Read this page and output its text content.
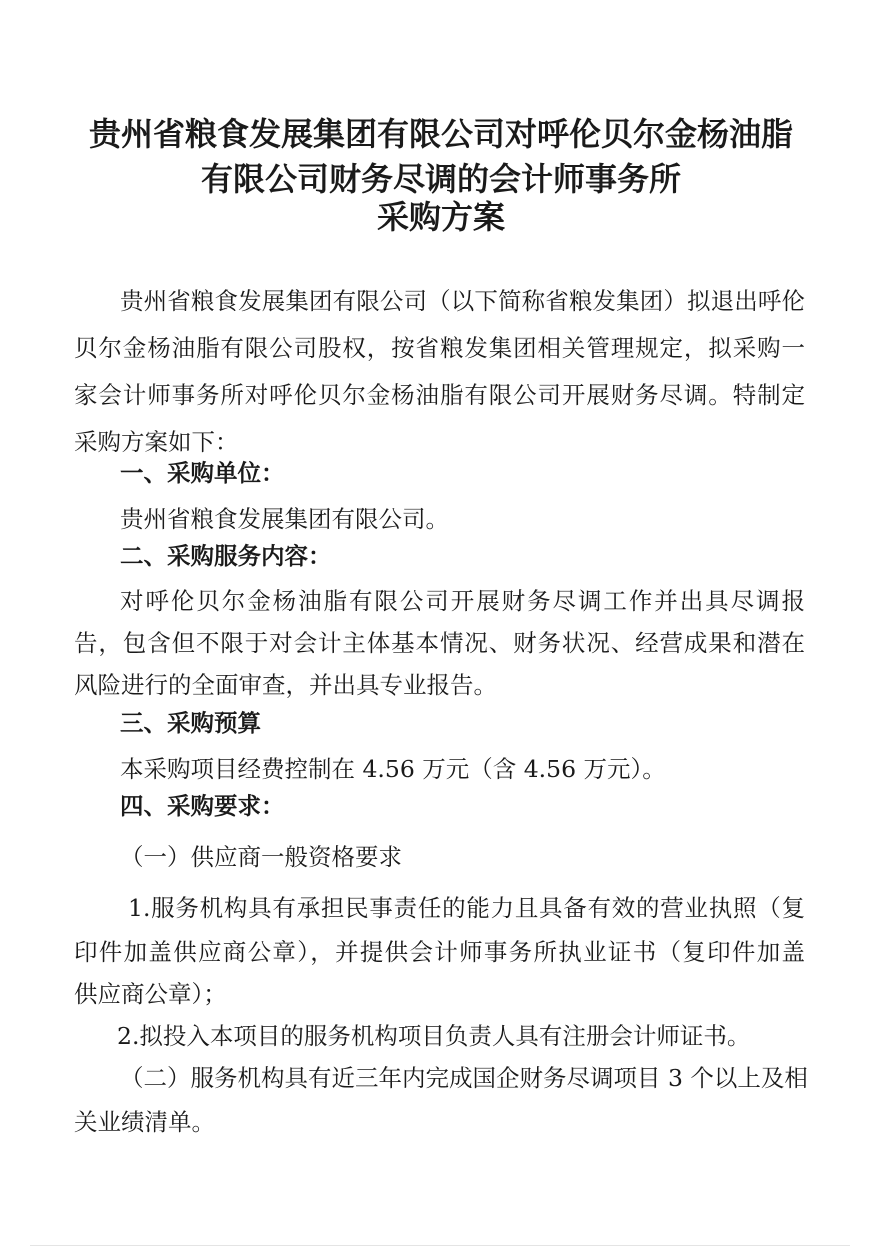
贵州省粮食发展集团有限公司对呼伦贝尔金杨油脂
有限公司财务尽调的会计师事务所
采购方案
贵州省粮食发展集团有限公司（以下简称省粮发集团）拟退出呼伦
贝尔金杨油脂有限公司股权，按省粮发集团相关管理规定，拟采购一
家会计师事务所对呼伦贝尔金杨油脂有限公司开展财务尽调。特制定
采购方案如下：
一、采购单位：
贵州省粮食发展集团有限公司。
二、采购服务内容：
对呼伦贝尔金杨油脂有限公司开展财务尽调工作并出具尽调报
告，包含但不限于对会计主体基本情况、财务状况、经营成果和潜在
风险进行的全面审查，并出具专业报告。
三、采购预算
本采购项目经费控制在 4.56 万元（含 4.56 万元）。
四、采购要求：
（一）供应商一般资格要求
1.服务机构具有承担民事责任的能力且具备有效的营业执照（复
印件加盖供应商公章），并提供会计师事务所执业证书（复印件加盖
供应商公章）；
2.拟投入本项目的服务机构项目负责人具有注册会计师证书。
（二）服务机构具有近三年内完成国企财务尽调项目 3 个以上及相
关业绩清单。
